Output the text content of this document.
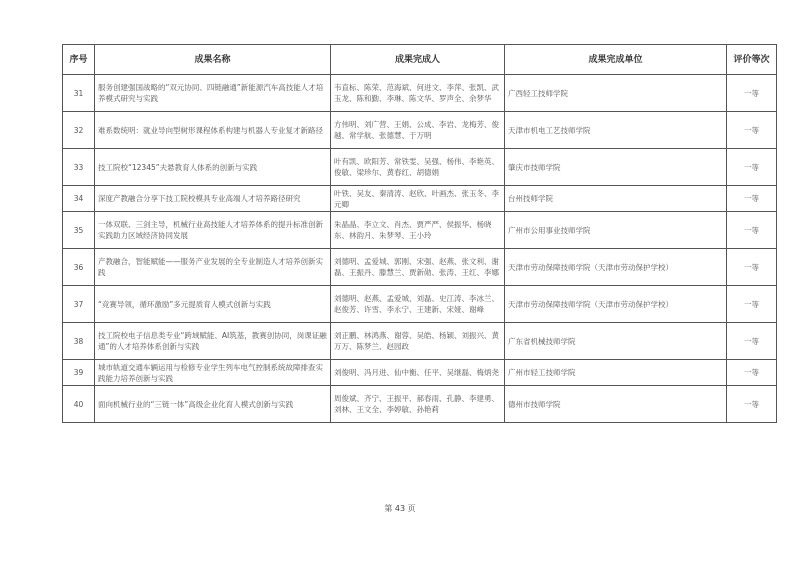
序号	成果名称	成果完成人	成果完成单位	评价等次
31	服务创建强国战略的“双元协同、四链融通”新能源汽车高技能人才培养模式研究与实践	韦直标、陈荣、范海斌、何进文、李萍、张凯、武玉龙、陈和勤、李琳、陈文华、罗声全、余梦华	广西轻工技师学院	一等
32	难系数统明：就业导向型树形课程体系构建与机器人专业复才新路径	方伟明、刘广营、王娟、公成、李岩、龙梅芳、俊越、常学航、张德慧、于万明	天津市机电工艺技师学院	一等
33	技工院校“12345”夫悬教育人体系的创新与实践	叶有凯、欧阳芳、常铁雯、吴强、杨伟、李艳英、俊敏、梁珍尔、黄春红、胡德娟	肇庆市技师学院	一等
34	深度产教融合分享下技工院校模具专业高端人才培养路径研究	叶铁、吴友、秦清涛、赵欣、叶画杰、张玉冬、李元卿	台州技师学院	一等
35	一体双联、三剑主导，机械行业高技能人才培养体系的提升标准创新实践助力区域经济协同发展	朱晶晶、李立文、肖杰、贾严严、侯振华、杨晓东、林韵月、朱梦琴、王小玲	广州市公用事业技师学院	一等
36	产教融合，智能赋能——服务产业发展的全专业制造人才培养创新实践	刘德明、孟爱城、郭刚、宋强、赵燕、张文利、谢磊、王振丹、滕慧兰、贾新勋、张涛、王红、李娜	天津市劳动保障技师学院（天津市劳动保护学校）	一等
37	“竞赛导领，循环激励”多元提质育人模式创新与实践	刘德明、赵燕、孟爱城、刘磊、史江涛、李冰兰、赵俊芳、许雪、李永宁、王建新、宋娅、谢峰	天津市劳动保障技师学院（天津市劳动保护学校）	一等
38	技工院校电子信息类专业“跨域赋能、AI筑基，教赛创协同，岗课证融通”的人才培养体系创新与实践	刘正鹏、林鸿燕、谢蓉、吴皓、杨颖、刘振兴、黄万万、陈梦兰、赵园政	广东省机械技师学院	一等
39	城市轨道交通车辆运用与检修专业学生列车电气控制系统故障排查实践能力培养创新与实践	刘俊明、冯月进、仙中衡、任平、吴继磊、梅炳尧	广州市轻工技师学院	一等
40	面向机械行业的“三链一体”高级企业化育人模式创新与实践	周俊斌、齐宁、王振平、郝春雨、孔静、李建勇、刘林、王文全、李婷敏、孙艳莉	德州市技师学院	一等
第 43 页
